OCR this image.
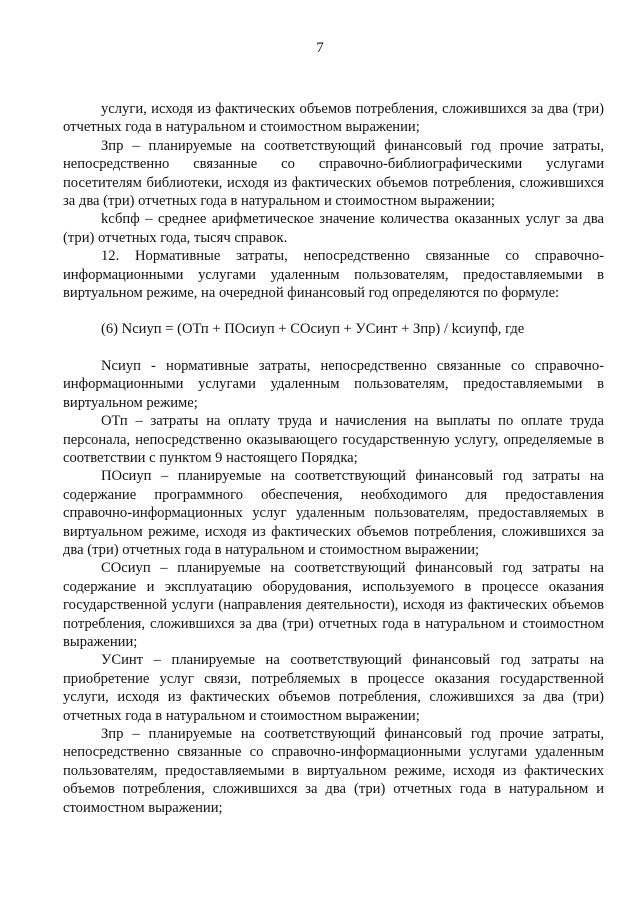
7

услуги, исходя из фактических объемов потребления, сложившихся за два (три) отчетных года в натуральном и стоимостном выражении;

Зпр – планируемые на соответствующий финансовый год прочие затраты, непосредственно связанные со справочно-библиографическими услугами посетителям библиотеки, исходя из фактических объемов потребления, сложившихся за два (три) отчетных года в натуральном и стоимостном выражении;

kсбпф – среднее арифметическое значение количества оказанных услуг за два (три) отчетных года, тысяч справок.

12. Нормативные затраты, непосредственно связанные со справочно-информационными услугами удаленным пользователям, предоставляемыми в виртуальном режиме, на очередной финансовый год определяются по формуле:

(6) Nсиуп = (ОТп + ПОсиуп + СОсиуп + УСинт + Зпр) / kсиупф, где

Nсиуп - нормативные затраты, непосредственно связанные со справочно-информационными услугами удаленным пользователям, предоставляемыми в виртуальном режиме;

ОТп – затраты на оплату труда и начисления на выплаты по оплате труда персонала, непосредственно оказывающего государственную услугу, определяемые в соответствии с пунктом 9 настоящего Порядка;

ПОсиуп – планируемые на соответствующий финансовый год затраты на содержание программного обеспечения, необходимого для предоставления справочно-информационных услуг удаленным пользователям, предоставляемых в виртуальном режиме, исходя из фактических объемов потребления, сложившихся за два (три) отчетных года в натуральном и стоимостном выражении;

СОсиуп – планируемые на соответствующий финансовый год затраты на содержание и эксплуатацию оборудования, используемого в процессе оказания государственной услуги (направления деятельности), исходя из фактических объемов потребления, сложившихся за два (три) отчетных года в натуральном и стоимостном выражении;

УСинт – планируемые на соответствующий финансовый год затраты на приобретение услуг связи, потребляемых в процессе оказания государственной услуги, исходя из фактических объемов потребления, сложившихся за два (три) отчетных года в натуральном и стоимостном выражении;

Зпр – планируемые на соответствующий финансовый год прочие затраты, непосредственно связанные со справочно-информационными услугами удаленным пользователям, предоставляемыми в виртуальном режиме, исходя из фактических объемов потребления, сложившихся за два (три) отчетных года в натуральном и стоимостном выражении;
